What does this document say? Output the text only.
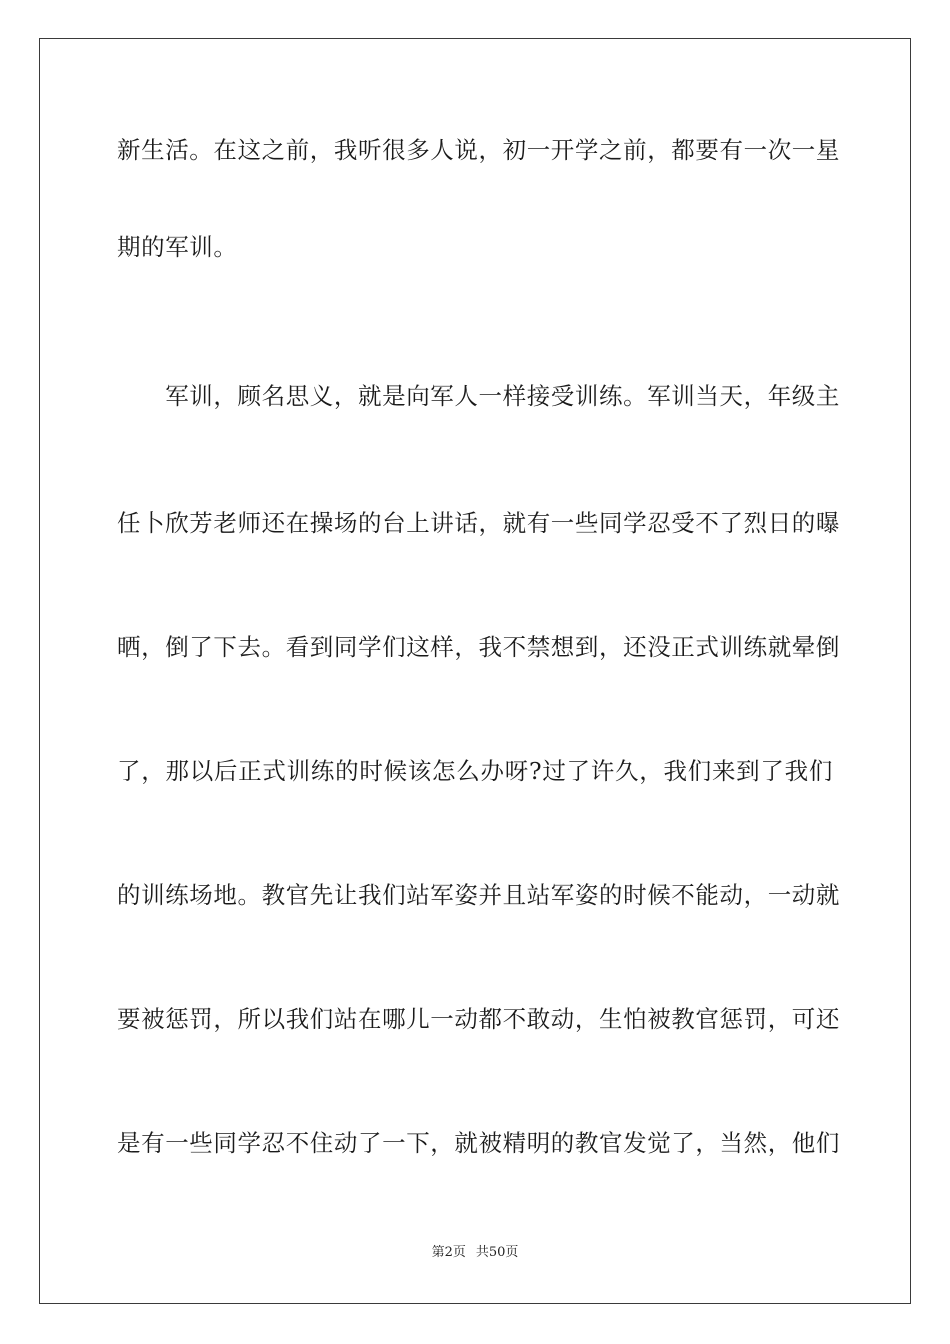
新生活。在这之前，我听很多人说，初一开学之前，都要有一次一星
期的军训。
　　军训，顾名思义，就是向军人一样接受训练。军训当天，年级主
任卜欣芳老师还在操场的台上讲话，就有一些同学忍受不了烈日的曝
晒，倒了下去。看到同学们这样，我不禁想到，还没正式训练就晕倒
了，那以后正式训练的时候该怎么办呀?过了许久，我们来到了我们
的训练场地。教官先让我们站军姿并且站军姿的时候不能动，一动就
要被惩罚，所以我们站在哪儿一动都不敢动，生怕被教官惩罚，可还
是有一些同学忍不住动了一下，就被精明的教官发觉了，当然，他们
第2页 共50页
